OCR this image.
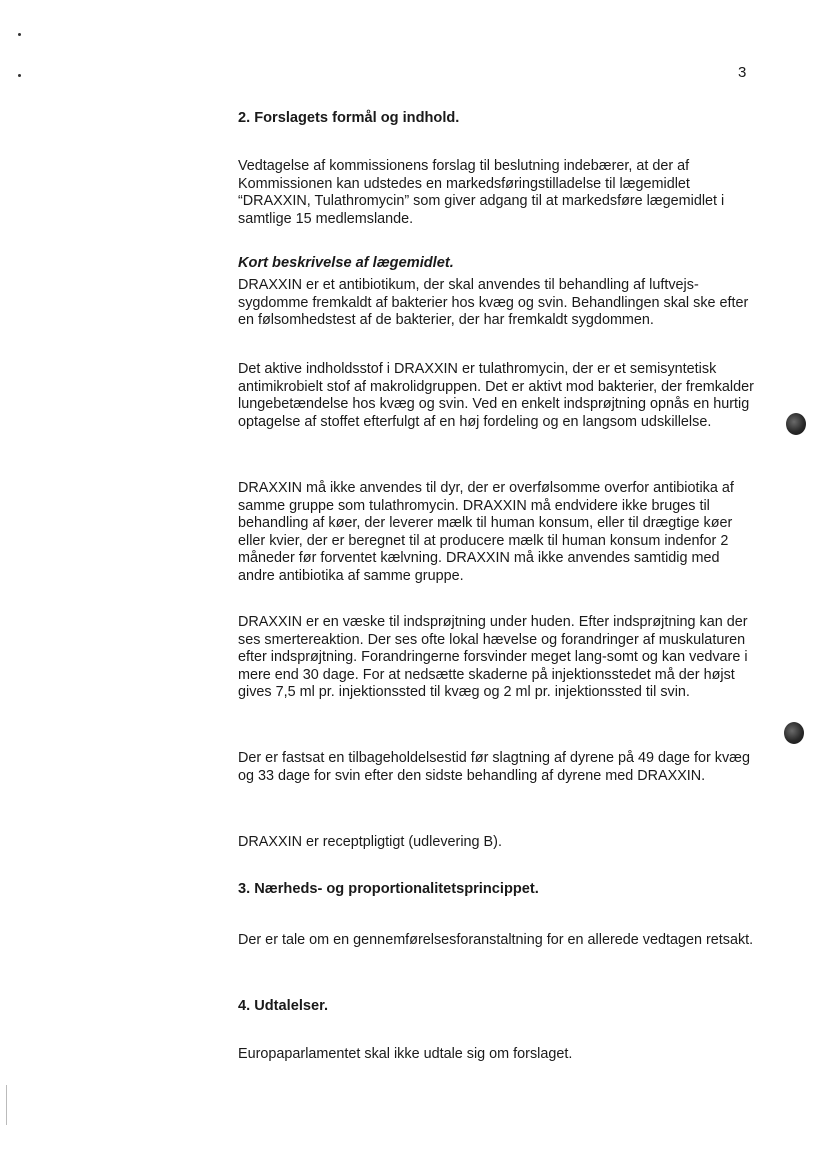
3

2. Forslagets formål og indhold.

Vedtagelse af kommissionens forslag til beslutning indebærer, at der af Kommissionen kan udstedes en markedsføringstilladelse til lægemidlet “DRAXXIN, Tulathromycin” som giver adgang til at markedsføre lægemidlet i samtlige 15 medlemslande.

Kort beskrivelse af lægemidlet.

DRAXXIN er et antibiotikum, der skal anvendes til behandling af luftvejs-sygdomme fremkaldt af bakterier hos kvæg og svin. Behandlingen skal ske efter en følsomhedstest af de bakterier, der har fremkaldt sygdommen.

Det aktive indholdsstof i DRAXXIN er tulathromycin, der er et semisyntetisk antimikrobielt stof af makrolidgruppen. Det er aktivt mod bakterier, der fremkalder lungebetændelse hos kvæg og svin. Ved en enkelt indsprøjtning opnås en hurtig optagelse af stoffet efterfulgt af en høj fordeling og en langsom udskillelse.

DRAXXIN må ikke anvendes til dyr, der er overfølsomme overfor antibiotika af samme gruppe som tulathromycin. DRAXXIN må endvidere ikke bruges til behandling af køer, der leverer mælk til human konsum, eller til drægtige køer eller kvier, der er beregnet til at producere mælk til human konsum indenfor 2 måneder før forventet kælvning. DRAXXIN må ikke anvendes samtidig med andre antibiotika af samme gruppe.

DRAXXIN er en væske til indsprøjtning under huden. Efter indsprøjtning kan der ses smertereaktion. Der ses ofte lokal hævelse og forandringer af muskulaturen efter indsprøjtning. Forandringerne forsvinder meget lang-somt og kan vedvare i mere end 30 dage. For at nedsætte skaderne på injektionsstedet må der højst gives 7,5 ml pr. injektionssted til kvæg og 2 ml pr. injektionssted til svin.

Der er fastsat en tilbageholdelsestid før slagtning af dyrene på 49 dage for kvæg og 33 dage for svin efter den sidste behandling af dyrene med DRAXXIN.

DRAXXIN er receptpligtigt (udlevering B).

3. Nærheds- og proportionalitetsprincippet.

Der er tale om en gennemførelsesforanstaltning for en allerede vedtagen retsakt.

4. Udtalelser.

Europaparlamentet skal ikke udtale sig om forslaget.
